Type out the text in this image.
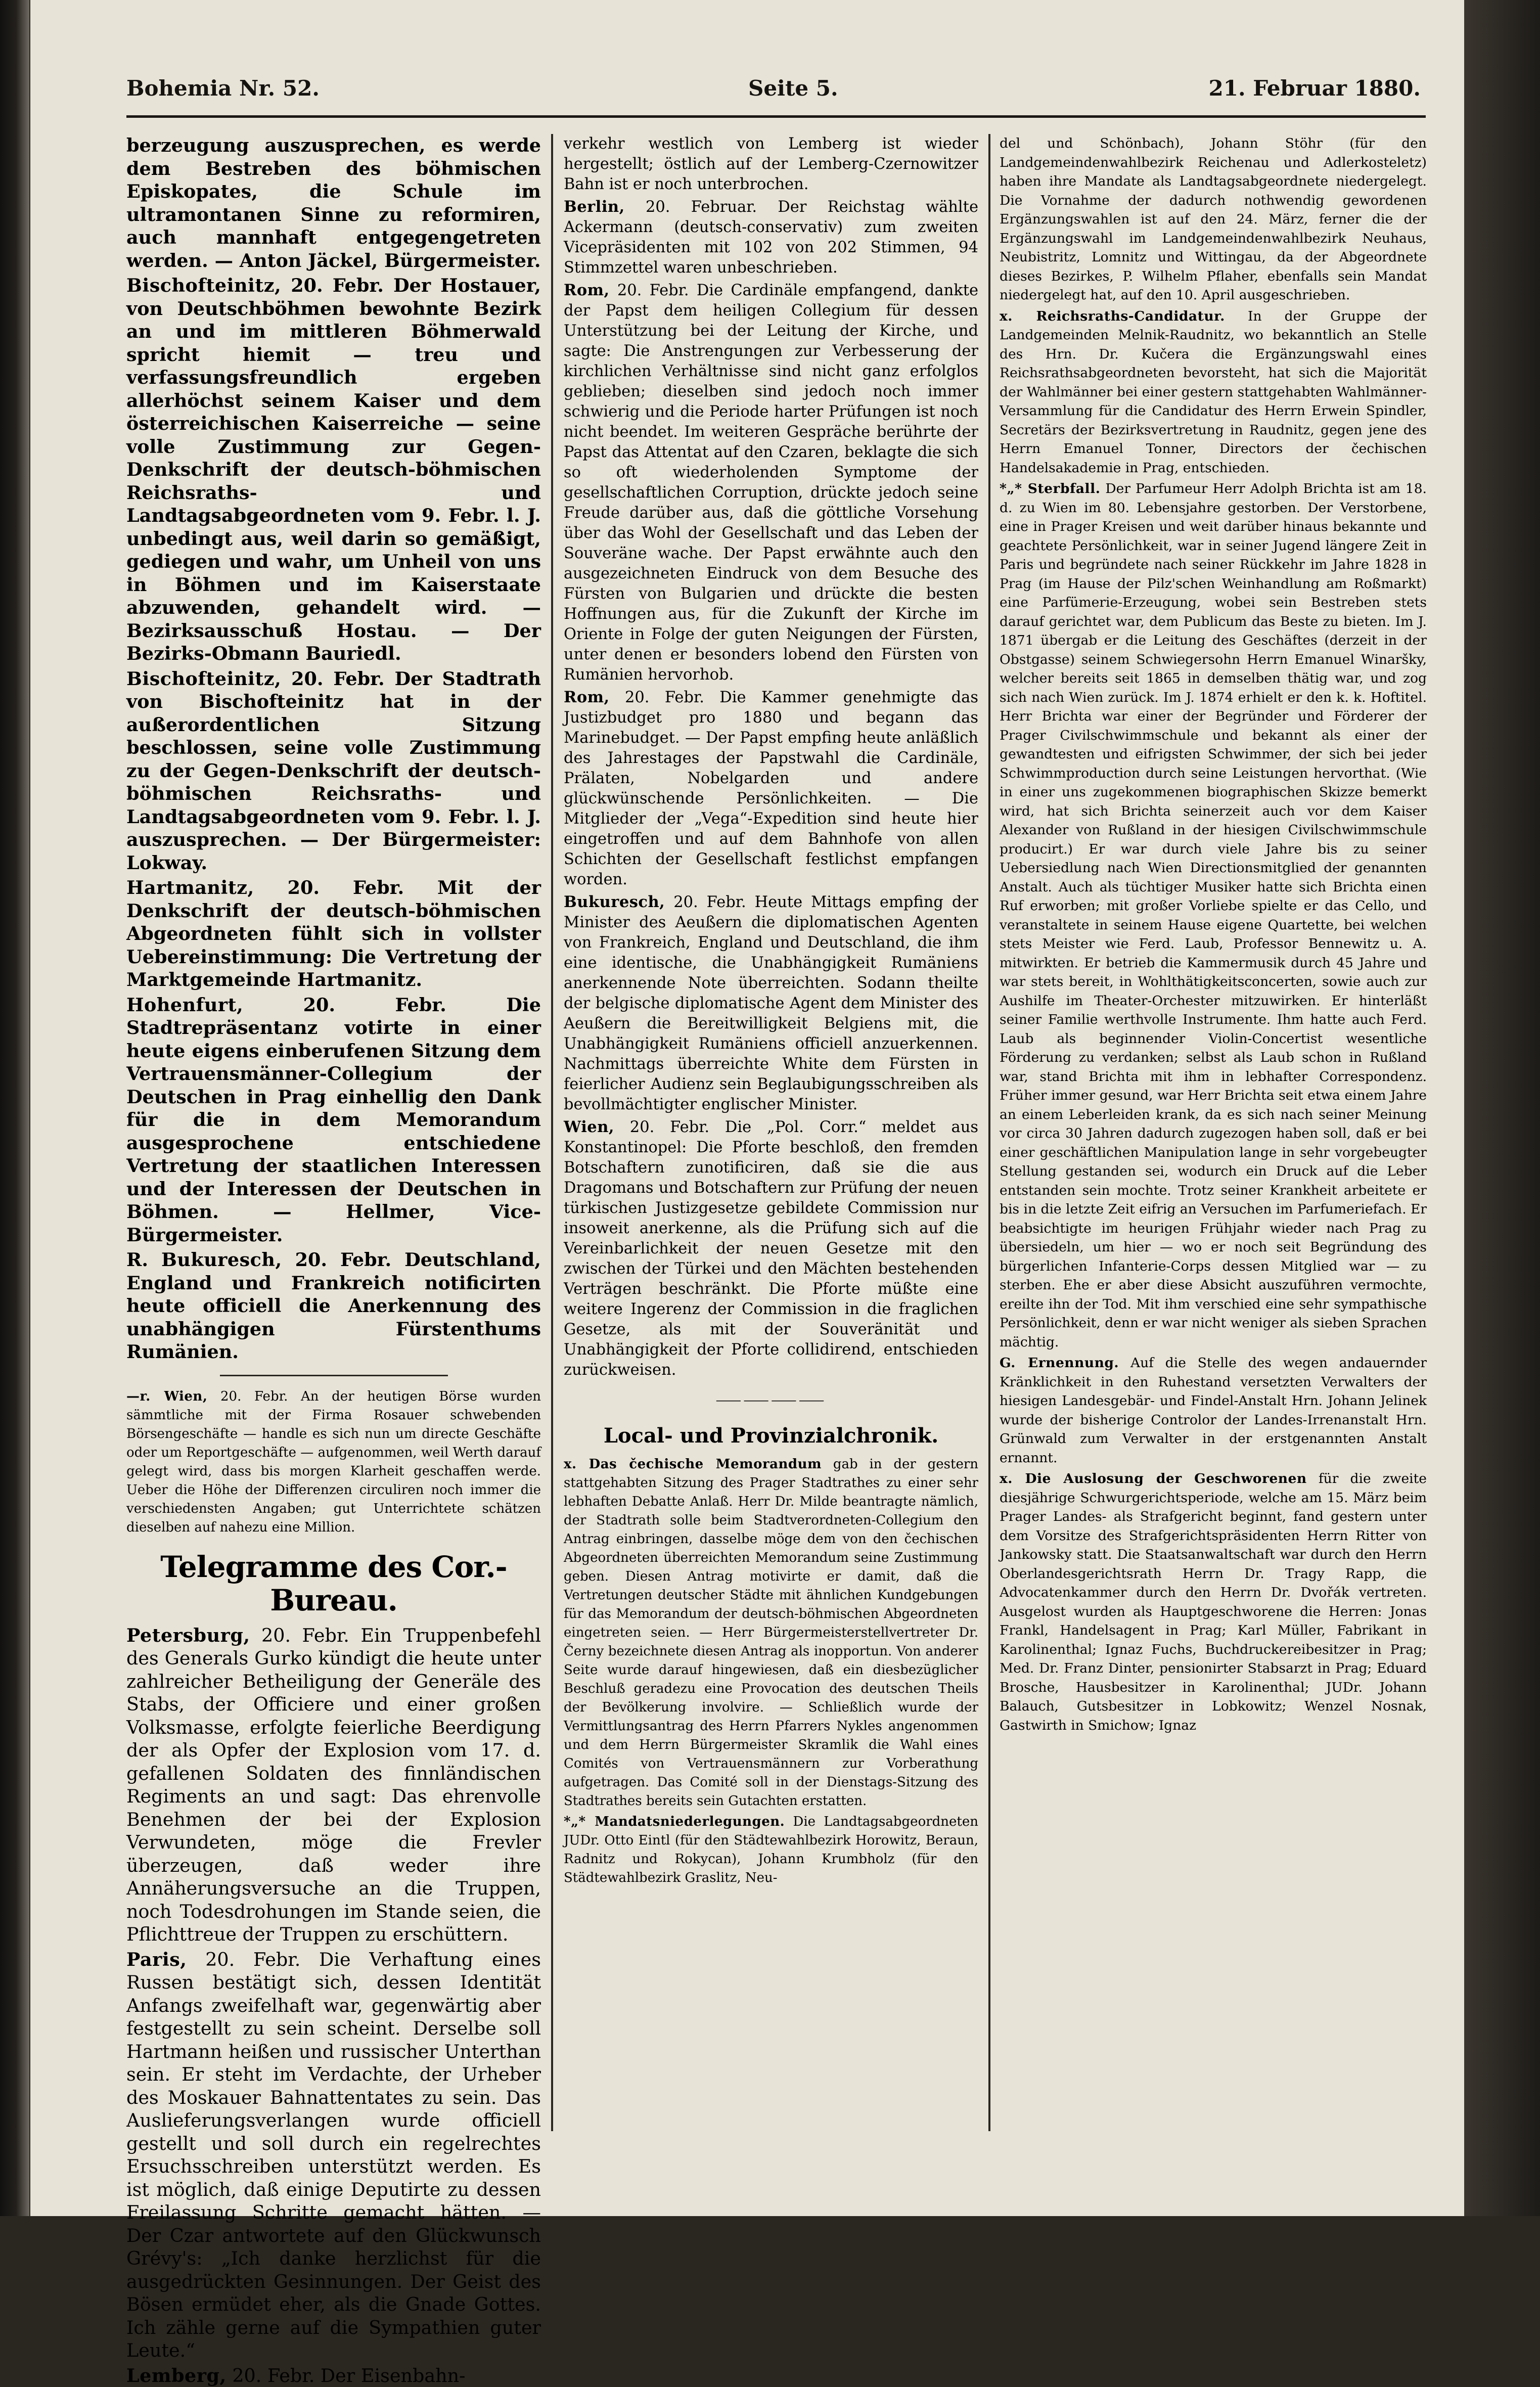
Bohemia Nr. 52.	Seite 5.	21. Februar 1880.

berzeugung auszusprechen, es werde dem Bestreben des böhmischen Episkopates, die Schule im ultramontanen Sinne zu reformiren, auch mannhaft entgegengetreten werden. — Anton Jäckel, Bürgermeister.

Bischofteinitz, 20. Febr. Der Hostauer, von Deutschböhmen bewohnte Bezirk an und im mittleren Böhmerwald spricht hiemit — treu und verfassungsfreundlich ergeben allerhöchst seinem Kaiser und dem österreichischen Kaiserreiche — seine volle Zustimmung zur Gegen-Denkschrift der deutsch-böhmischen Reichsraths- und Landtagsabgeordneten vom 9. Febr. l. J. unbedingt aus, weil darin so gemäßigt, gediegen und wahr, um Unheil von uns in Böhmen und im Kaiserstaate abzuwenden, gehandelt wird. — Bezirksausschuß Hostau. — Der Bezirks-Obmann Bauriedl.

Bischofteinitz, 20. Febr. Der Stadtrath von Bischofteinitz hat in der außerordentlichen Sitzung beschlossen, seine volle Zustimmung zu der Gegen-Denkschrift der deutsch-böhmischen Reichsraths- und Landtagsabgeordneten vom 9. Febr. l. J. auszusprechen. — Der Bürgermeister: Lokway.

Hartmanitz, 20. Febr. Mit der Denkschrift der deutsch-böhmischen Abgeordneten fühlt sich in vollster Uebereinstimmung: Die Vertretung der Marktgemeinde Hartmanitz.

Hohenfurt, 20. Febr. Die Stadtrepräsentanz votirte in einer heute eigens einberufenen Sitzung dem Vertrauensmänner-Collegium der Deutschen in Prag einhellig den Dank für die in dem Memorandum ausgesprochene entschiedene Vertretung der staatlichen Interessen und der Interessen der Deutschen in Böhmen. — Hellmer, Vice-Bürgermeister.

R. Bukuresch, 20. Febr. Deutschland, England und Frankreich notificirten heute officiell die Anerkennung des unabhängigen Fürstenthums Rumänien.

—r. Wien, 20. Febr. An der heutigen Börse wurden sämmtliche mit der Firma Rosauer schwebenden Börsengeschäfte — handle es sich nun um directe Geschäfte oder um Reportgeschäfte — aufgenommen, weil Werth darauf gelegt wird, dass bis morgen Klarheit geschaffen werde. Ueber die Höhe der Differenzen circuliren noch immer die verschiedensten Angaben; gut Unterrichtete schätzen dieselben auf nahezu eine Million.

Telegramme des Cor.-Bureau.

Petersburg, 20. Febr. Ein Truppenbefehl des Generals Gurko kündigt die heute unter zahlreicher Betheiligung der Generäle des Stabs, der Officiere und einer großen Volksmasse, erfolgte feierliche Beerdigung der als Opfer der Explosion vom 17. d. gefallenen Soldaten des finnländischen Regiments an und sagt: Das ehrenvolle Benehmen der bei der Explosion Verwundeten, möge die Frevler überzeugen, daß weder ihre Annäherungsversuche an die Truppen, noch Todesdrohungen im Stande seien, die Pflichttreue der Truppen zu erschüttern.

Paris, 20. Febr. Die Verhaftung eines Russen bestätigt sich, dessen Identität Anfangs zweifelhaft war, gegenwärtig aber festgestellt zu sein scheint. Derselbe soll Hartmann heißen und russischer Unterthan sein. Er steht im Verdachte, der Urheber des Moskauer Bahnattentates zu sein. Das Auslieferungsverlangen wurde officiell gestellt und soll durch ein regelrechtes Ersuchsschreiben unterstützt werden. Es ist möglich, daß einige Deputirte zu dessen Freilassung Schritte gemacht hätten. — Der Czar antwortete auf den Glückwunsch Grévy's: „Ich danke herzlichst für die ausgedrückten Gesinnungen. Der Geist des Bösen ermüdet eher, als die Gnade Gottes. Ich zähle gerne auf die Sympathien guter Leute.“

Lemberg, 20. Febr. Der Eisenbahn-

verkehr westlich von Lemberg ist wieder hergestellt; östlich auf der Lemberg-Czernowitzer Bahn ist er noch unterbrochen.

Berlin, 20. Februar. Der Reichstag wählte Ackermann (deutsch-conservativ) zum zweiten Vicepräsidenten mit 102 von 202 Stimmen, 94 Stimmzettel waren unbeschrieben.

Rom, 20. Febr. Die Cardinäle empfangend, dankte der Papst dem heiligen Collegium für dessen Unterstützung bei der Leitung der Kirche, und sagte: Die Anstrengungen zur Verbesserung der kirchlichen Verhältnisse sind nicht ganz erfolglos geblieben; dieselben sind jedoch noch immer schwierig und die Periode harter Prüfungen ist noch nicht beendet. Im weiteren Gespräche berührte der Papst das Attentat auf den Czaren, beklagte die sich so oft wiederholenden Symptome der gesellschaftlichen Corruption, drückte jedoch seine Freude darüber aus, daß die göttliche Vorsehung über das Wohl der Gesellschaft und das Leben der Souveräne wache. Der Papst erwähnte auch den ausgezeichneten Eindruck von dem Besuche des Fürsten von Bulgarien und drückte die besten Hoffnungen aus, für die Zukunft der Kirche im Oriente in Folge der guten Neigungen der Fürsten, unter denen er besonders lobend den Fürsten von Rumänien hervorhob.

Rom, 20. Febr. Die Kammer genehmigte das Justizbudget pro 1880 und begann das Marinebudget. — Der Papst empfing heute anläßlich des Jahrestages der Papstwahl die Cardinäle, Prälaten, Nobelgarden und andere glückwünschende Persönlichkeiten. — Die Mitglieder der „Vega“-Expedition sind heute hier eingetroffen und auf dem Bahnhofe von allen Schichten der Gesellschaft festlichst empfangen worden.

Bukuresch, 20. Febr. Heute Mittags empfing der Minister des Aeußern die diplomatischen Agenten von Frankreich, England und Deutschland, die ihm eine identische, die Unabhängigkeit Rumäniens anerkennende Note überreichten. Sodann theilte der belgische diplomatische Agent dem Minister des Aeußern die Bereitwilligkeit Belgiens mit, die Unabhängigkeit Rumäniens officiell anzuerkennen. Nachmittags überreichte White dem Fürsten in feierlicher Audienz sein Beglaubigungsschreiben als bevollmächtigter englischer Minister.

Wien, 20. Febr. Die „Pol. Corr.“ meldet aus Konstantinopel: Die Pforte beschloß, den fremden Botschaftern zunotificiren, daß sie die aus Dragomans und Botschaftern zur Prüfung der neuen türkischen Justizgesetze gebildete Commission nur insoweit anerkenne, als die Prüfung sich auf die Vereinbarlichkeit der neuen Gesetze mit den zwischen der Türkei und den Mächten bestehenden Verträgen beschränkt. Die Pforte müßte eine weitere Ingerenz der Commission in die fraglichen Gesetze, als mit der Souveränität und Unabhängigkeit der Pforte collidirend, entschieden zurückweisen.

⸺⸺⸺⸺
Local- und Provinzialchronik.

x. Das čechische Memorandum gab in der gestern stattgehabten Sitzung des Prager Stadtrathes zu einer sehr lebhaften Debatte Anlaß. Herr Dr. Milde beantragte nämlich, der Stadtrath solle beim Stadtverordneten-Collegium den Antrag einbringen, dasselbe möge dem von den čechischen Abgeordneten überreichten Memorandum seine Zustimmung geben. Diesen Antrag motivirte er damit, daß die Vertretungen deutscher Städte mit ähnlichen Kundgebungen für das Memorandum der deutsch-böhmischen Abgeordneten eingetreten seien. — Herr Bürgermeisterstellvertreter Dr. Černy bezeichnete diesen Antrag als inopportun. Von anderer Seite wurde darauf hingewiesen, daß ein diesbezüglicher Beschluß geradezu eine Provocation des deutschen Theils der Bevölkerung involvire. — Schließlich wurde der Vermittlungsantrag des Herrn Pfarrers Nykles angenommen und dem Herrn Bürgermeister Skramlik die Wahl eines Comités von Vertrauensmännern zur Vorberathung aufgetragen. Das Comité soll in der Dienstags-Sitzung des Stadtrathes bereits sein Gutachten erstatten.

*„* Mandatsniederlegungen. Die Landtagsabgeordneten JUDr. Otto Eintl (für den Städtewahlbezirk Horowitz, Beraun, Radnitz und Rokycan), Johann Krumbholz (für den Städtewahlbezirk Graslitz, Neu-

del und Schönbach), Johann Stöhr (für den Landgemeindenwahlbezirk Reichenau und Adlerkosteletz) haben ihre Mandate als Landtagsabgeordnete niedergelegt. Die Vornahme der dadurch nothwendig gewordenen Ergänzungswahlen ist auf den 24. März, ferner die der Ergänzungswahl im Landgemeindenwahlbezirk Neuhaus, Neubistritz, Lomnitz und Wittingau, da der Abgeordnete dieses Bezirkes, P. Wilhelm Pflaher, ebenfalls sein Mandat niedergelegt hat, auf den 10. April ausgeschrieben.

x. Reichsraths-Candidatur. In der Gruppe der Landgemeinden Melnik-Raudnitz, wo bekanntlich an Stelle des Hrn. Dr. Kučera die Ergänzungswahl eines Reichsrathsabgeordneten bevorsteht, hat sich die Majorität der Wahlmänner bei einer gestern stattgehabten Wahlmänner-Versammlung für die Candidatur des Herrn Erwein Spindler, Secretärs der Bezirksvertretung in Raudnitz, gegen jene des Herrn Emanuel Tonner, Directors der čechischen Handelsakademie in Prag, entschieden.

*„* Sterbfall. Der Parfumeur Herr Adolph Brichta ist am 18. d. zu Wien im 80. Lebensjahre gestorben. Der Verstorbene, eine in Prager Kreisen und weit darüber hinaus bekannte und geachtete Persönlichkeit, war in seiner Jugend längere Zeit in Paris und begründete nach seiner Rückkehr im Jahre 1828 in Prag (im Hause der Pilz'schen Weinhandlung am Roßmarkt) eine Parfümerie-Erzeugung, wobei sein Bestreben stets darauf gerichtet war, dem Publicum das Beste zu bieten. Im J. 1871 übergab er die Leitung des Geschäftes (derzeit in der Obstgasse) seinem Schwiegersohn Herrn Emanuel Winaršky, welcher bereits seit 1865 in demselben thätig war, und zog sich nach Wien zurück. Im J. 1874 erhielt er den k. k. Hoftitel. Herr Brichta war einer der Begründer und Förderer der Prager Civilschwimmschule und bekannt als einer der gewandtesten und eifrigsten Schwimmer, der sich bei jeder Schwimmproduction durch seine Leistungen hervorthat. (Wie in einer uns zugekommenen biographischen Skizze bemerkt wird, hat sich Brichta seinerzeit auch vor dem Kaiser Alexander von Rußland in der hiesigen Civilschwimmschule producirt.) Er war durch viele Jahre bis zu seiner Uebersiedlung nach Wien Directionsmitglied der genannten Anstalt. Auch als tüchtiger Musiker hatte sich Brichta einen Ruf erworben; mit großer Vorliebe spielte er das Cello, und veranstaltete in seinem Hause eigene Quartette, bei welchen stets Meister wie Ferd. Laub, Professor Bennewitz u. A. mitwirkten. Er betrieb die Kammermusik durch 45 Jahre und war stets bereit, in Wohlthätigkeitsconcerten, sowie auch zur Aushilfe im Theater-Orchester mitzuwirken. Er hinterläßt seiner Familie werthvolle Instrumente. Ihm hatte auch Ferd. Laub als beginnender Violin-Concertist wesentliche Förderung zu verdanken; selbst als Laub schon in Rußland war, stand Brichta mit ihm in lebhafter Correspondenz. Früher immer gesund, war Herr Brichta seit etwa einem Jahre an einem Leberleiden krank, da es sich nach seiner Meinung vor circa 30 Jahren dadurch zugezogen haben soll, daß er bei einer geschäftlichen Manipulation lange in sehr vorgebeugter Stellung gestanden sei, wodurch ein Druck auf die Leber entstanden sein mochte. Trotz seiner Krankheit arbeitete er bis in die letzte Zeit eifrig an Versuchen im Parfumeriefach. Er beabsichtigte im heurigen Frühjahr wieder nach Prag zu übersiedeln, um hier — wo er noch seit Begründung des bürgerlichen Infanterie-Corps dessen Mitglied war — zu sterben. Ehe er aber diese Absicht auszuführen vermochte, ereilte ihn der Tod. Mit ihm verschied eine sehr sympathische Persönlichkeit, denn er war nicht weniger als sieben Sprachen mächtig.

G. Ernennung. Auf die Stelle des wegen andauernder Kränklichkeit in den Ruhestand versetzten Verwalters der hiesigen Landesgebär- und Findel-Anstalt Hrn. Johann Jelinek wurde der bisherige Controlor der Landes-Irrenanstalt Hrn. Grünwald zum Verwalter in der erstgenannten Anstalt ernannt.

x. Die Auslosung der Geschworenen für die zweite diesjährige Schwurgerichtsperiode, welche am 15. März beim Prager Landes- als Strafgericht beginnt, fand gestern unter dem Vorsitze des Strafgerichtspräsidenten Herrn Ritter von Jankowsky statt. Die Staatsanwaltschaft war durch den Herrn Oberlandesgerichtsrath Herrn Dr. Tragy Rapp, die Advocatenkammer durch den Herrn Dr. Dvořák vertreten. Ausgelost wurden als Hauptgeschworene die Herren: Jonas Frankl, Handelsagent in Prag; Karl Müller, Fabrikant in Karolinenthal; Ignaz Fuchs, Buchdruckereibesitzer in Prag; Med. Dr. Franz Dinter, pensionirter Stabsarzt in Prag; Eduard Brosche, Hausbesitzer in Karolinenthal; JUDr. Johann Balauch, Gutsbesitzer in Lobkowitz; Wenzel Nosnak, Gastwirth in Smichow; Ignaz
